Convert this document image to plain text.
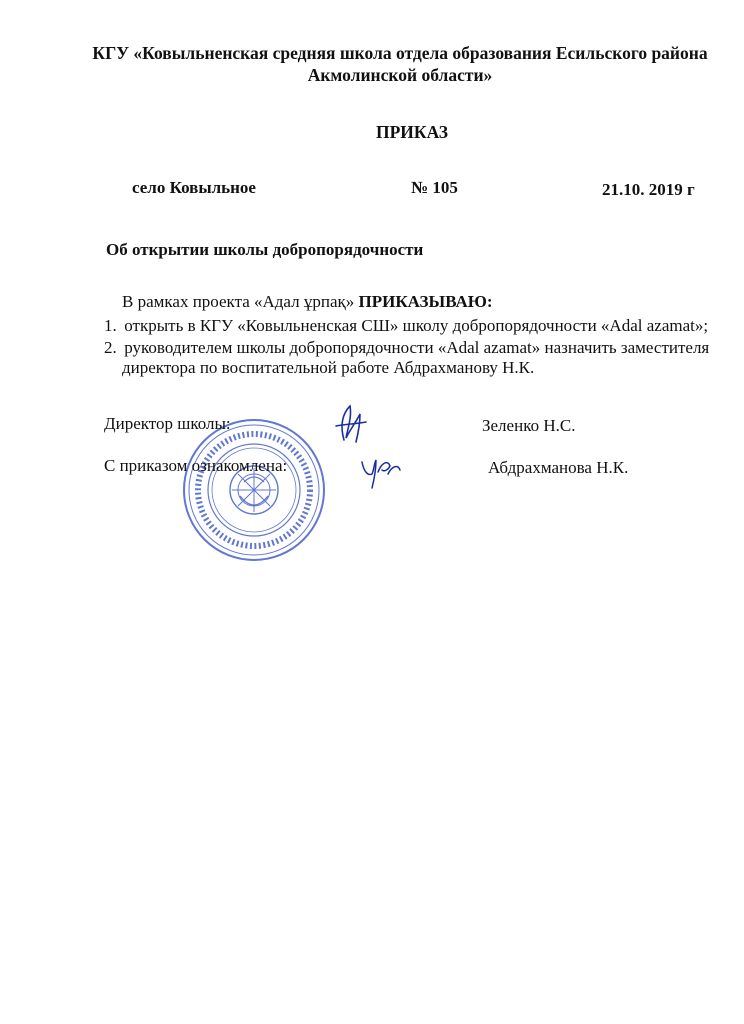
КГУ «Ковыльненская средняя школа отдела образования Есильского района
Акмолинской области»
ПРИКАЗ
село Ковыльное	№ 105	21.10. 2019 г
Об открытии школы добропорядочности
В рамках проекта «Адал ұрпақ» ПРИКАЗЫВАЮ:
1. открыть в КГУ «Ковыльненская СШ» школу добропорядочности «Adal azamat»;
2. руководителем школы добропорядочности «Adal azamat» назначить заместителя
директора по воспитательной работе Абдрахманову Н.К.
Директор школы:	Зеленко Н.С.
С приказом ознакомлена:	Абдрахманова Н.К.
